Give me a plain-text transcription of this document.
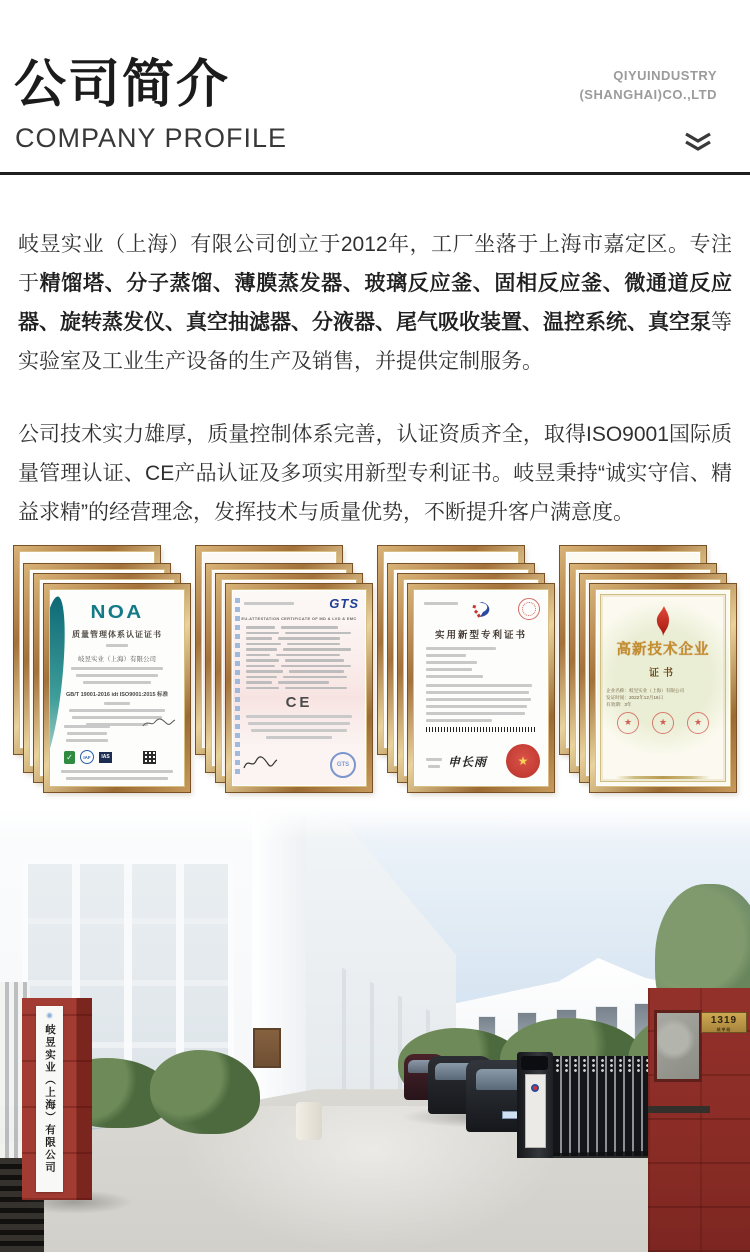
公司简介
COMPANY PROFILE
QIYUINDUSTRY
(SHANGHAI)CO.,LTD

岐昱实业（上海）有限公司创立于2012年，工厂坐落于上海市嘉定区。专注于精馏塔、分子蒸馏、薄膜蒸发器、玻璃反应釜、固相反应釜、微通道反应器、旋转蒸发仪、真空抽滤器、分液器、尾气吸收装置、温控系统、真空泵等实验室及工业生产设备的生产及销售，并提供定制服务。

公司技术实力雄厚，质量控制体系完善，认证资质齐全，取得ISO9001国际质量管理认证、CE产品认证及多项实用新型专利证书。岐昱秉持“诚实守信、精益求精”的经营理念，发挥技术与质量优势，不断提升客户满意度。

NOA
质量管理体系认证证书
岐昱实业（上海）有限公司
GB/T 19001-2016 idt ISO9001:2015 标准
✓	IAF	IAS
GTS
EU-ATTESTATION CERTIFICATE OF MD & LVD & EMC
CE
GTS
实用新型专利证书
申长雨	★
高新技术企业
证书
企业名称：岐昱实业（上海）有限公司
发证时间：2022年12月16日
有效期：3年
★	★	★
1319
城亭路
岐昱实业（上海）有限公司
